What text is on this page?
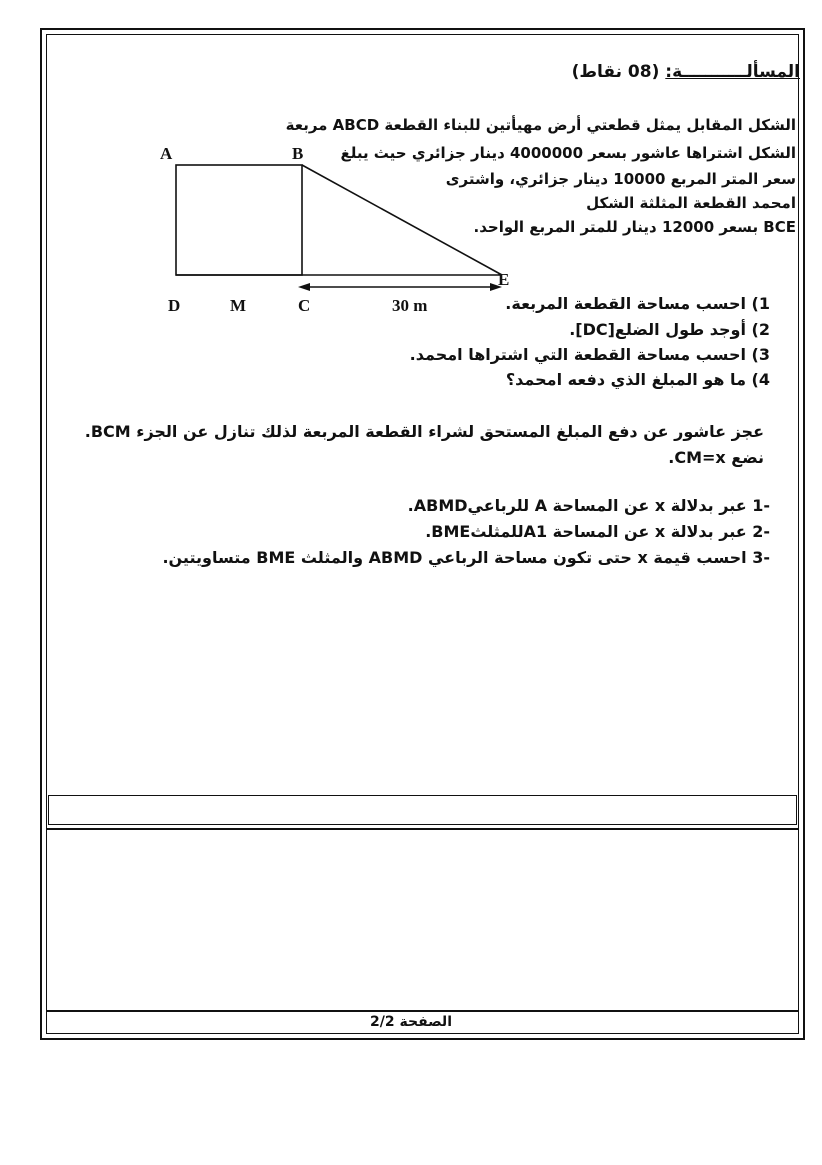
المسألـــــــــــة: (08 نقاط)
الشكل المقابل يمثل قطعتي أرض مهيأتين للبناء القطعة ABCD مربعة
الشكل اشتراها عاشور بسعر 4000000 دينار جزائري حيث يبلغ
سعر المتر المربع 10000 دينار جزائري، واشترى
امحمد القطعة المثلثة الشكل
BCE بسعر 12000 دينار للمتر المربع الواحد.
A	B
D	M	C
E
30 m	1) احسب مساحة القطعة المربعة.
2) أوجد طول الضلع[DC].
3) احسب مساحة القطعة التي اشتراها امحمد.
4) ما هو المبلغ الذي دفعه امحمد؟
عجز عاشور عن دفع المبلغ المستحق لشراء القطعة المربعة لذلك تنازل عن الجزء BCM.
نضع CM=x.
-1 عبر بدلالة x عن المساحة A للرباعيABMD.
-2 عبر بدلالة x عن المساحة A1للمثلثBME.
-3 احسب قيمة x حتى تكون مساحة الرباعي ABMD والمثلث BME متساويتين.
الصفحة 2/2
